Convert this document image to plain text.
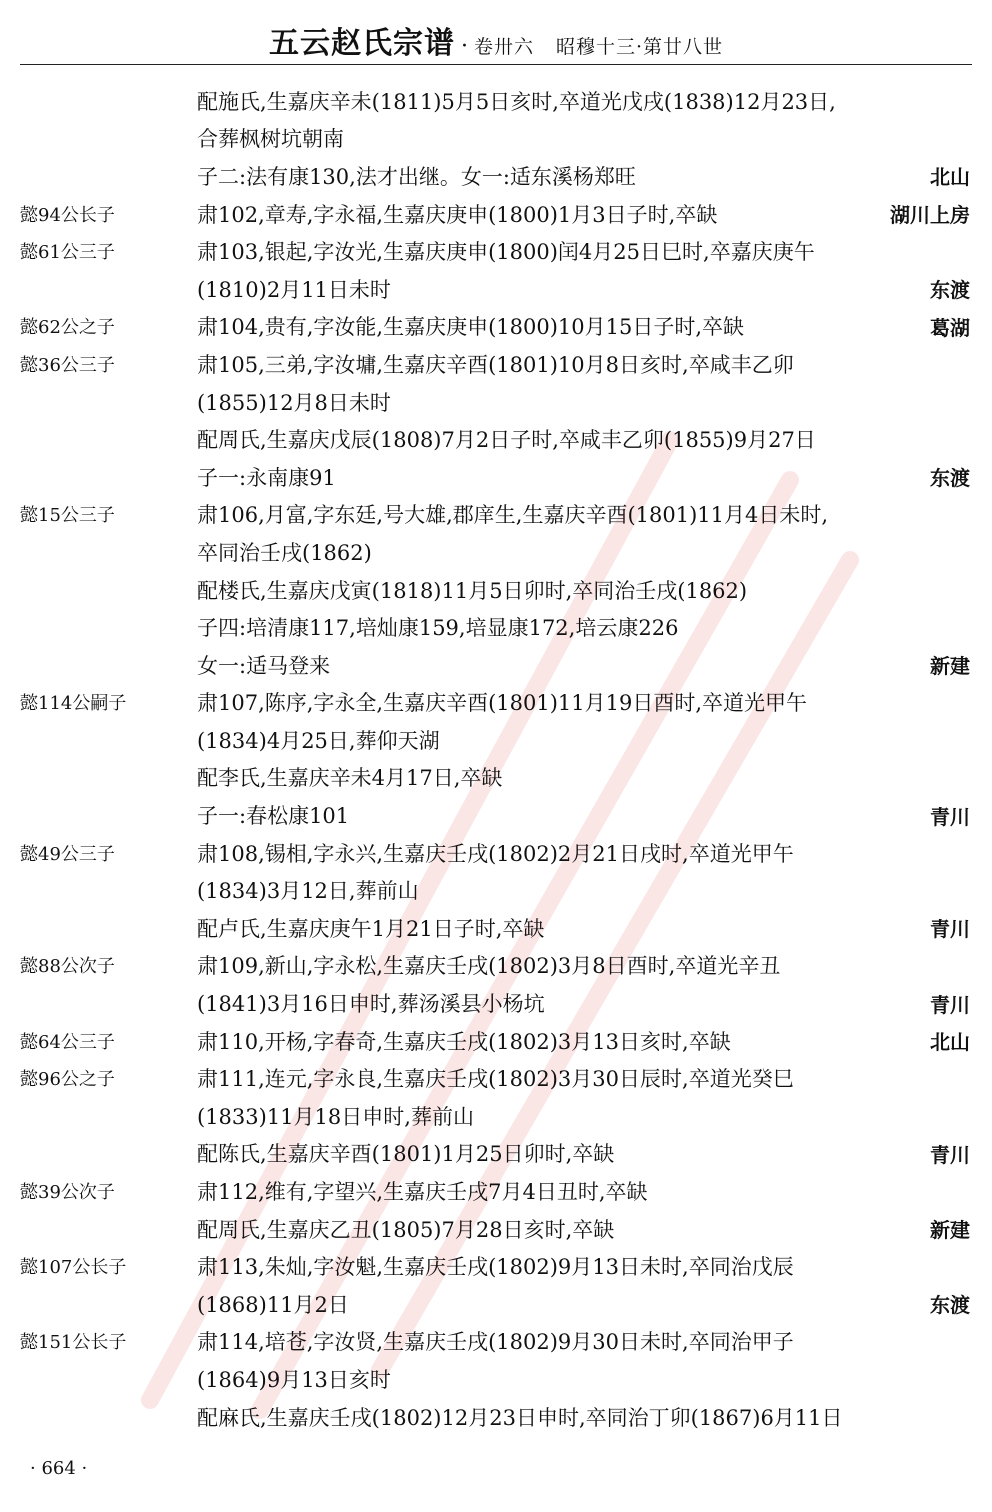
五云赵氏宗谱 · 卷卅六 昭穆十三·第廿八世
配施氏,生嘉庆辛未(1811)5月5日亥时,卒道光戊戌(1838)12月23日,
合葬枫树坑朝南
子二:法有康130,法才出继。女一:适东溪杨郑旺	北山
懿94公长子	肃102,章寿,字永福,生嘉庆庚申(1800)1月3日子时,卒缺	湖川上房
懿61公三子	肃103,银起,字汝光,生嘉庆庚申(1800)闰4月25日巳时,卒嘉庆庚午
(1810)2月11日未时	东渡
懿62公之子	肃104,贵有,字汝能,生嘉庆庚申(1800)10月15日子时,卒缺	葛湖
懿36公三子	肃105,三弟,字汝墉,生嘉庆辛酉(1801)10月8日亥时,卒咸丰乙卯
(1855)12月8日未时
配周氏,生嘉庆戊辰(1808)7月2日子时,卒咸丰乙卯(1855)9月27日
子一:永南康91	东渡
懿15公三子	肃106,月富,字东廷,号大雄,郡庠生,生嘉庆辛酉(1801)11月4日未时,
卒同治壬戌(1862)
配楼氏,生嘉庆戊寅(1818)11月5日卯时,卒同治壬戌(1862)
子四:培清康117,培灿康159,培显康172,培云康226
女一:适马登来	新建
懿114公嗣子	肃107,陈序,字永全,生嘉庆辛酉(1801)11月19日酉时,卒道光甲午
(1834)4月25日,葬仰天湖
配李氏,生嘉庆辛未4月17日,卒缺
子一:春松康101	青川
懿49公三子	肃108,锡相,字永兴,生嘉庆壬戌(1802)2月21日戌时,卒道光甲午
(1834)3月12日,葬前山
配卢氏,生嘉庆庚午1月21日子时,卒缺	青川
懿88公次子	肃109,新山,字永松,生嘉庆壬戌(1802)3月8日酉时,卒道光辛丑
(1841)3月16日申时,葬汤溪县小杨坑	青川
懿64公三子	肃110,开杨,字春奇,生嘉庆壬戌(1802)3月13日亥时,卒缺	北山
懿96公之子	肃111,连元,字永良,生嘉庆壬戌(1802)3月30日辰时,卒道光癸巳
(1833)11月18日申时,葬前山
配陈氏,生嘉庆辛酉(1801)1月25日卯时,卒缺	青川
懿39公次子	肃112,维有,字望兴,生嘉庆壬戌7月4日丑时,卒缺
配周氏,生嘉庆乙丑(1805)7月28日亥时,卒缺	新建
懿107公长子	肃113,朱灿,字汝魁,生嘉庆壬戌(1802)9月13日未时,卒同治戊辰
(1868)11月2日	东渡
懿151公长子	肃114,培苍,字汝贤,生嘉庆壬戌(1802)9月30日未时,卒同治甲子
(1864)9月13日亥时
配麻氏,生嘉庆壬戌(1802)12月23日申时,卒同治丁卯(1867)6月11日
· 664 ·
